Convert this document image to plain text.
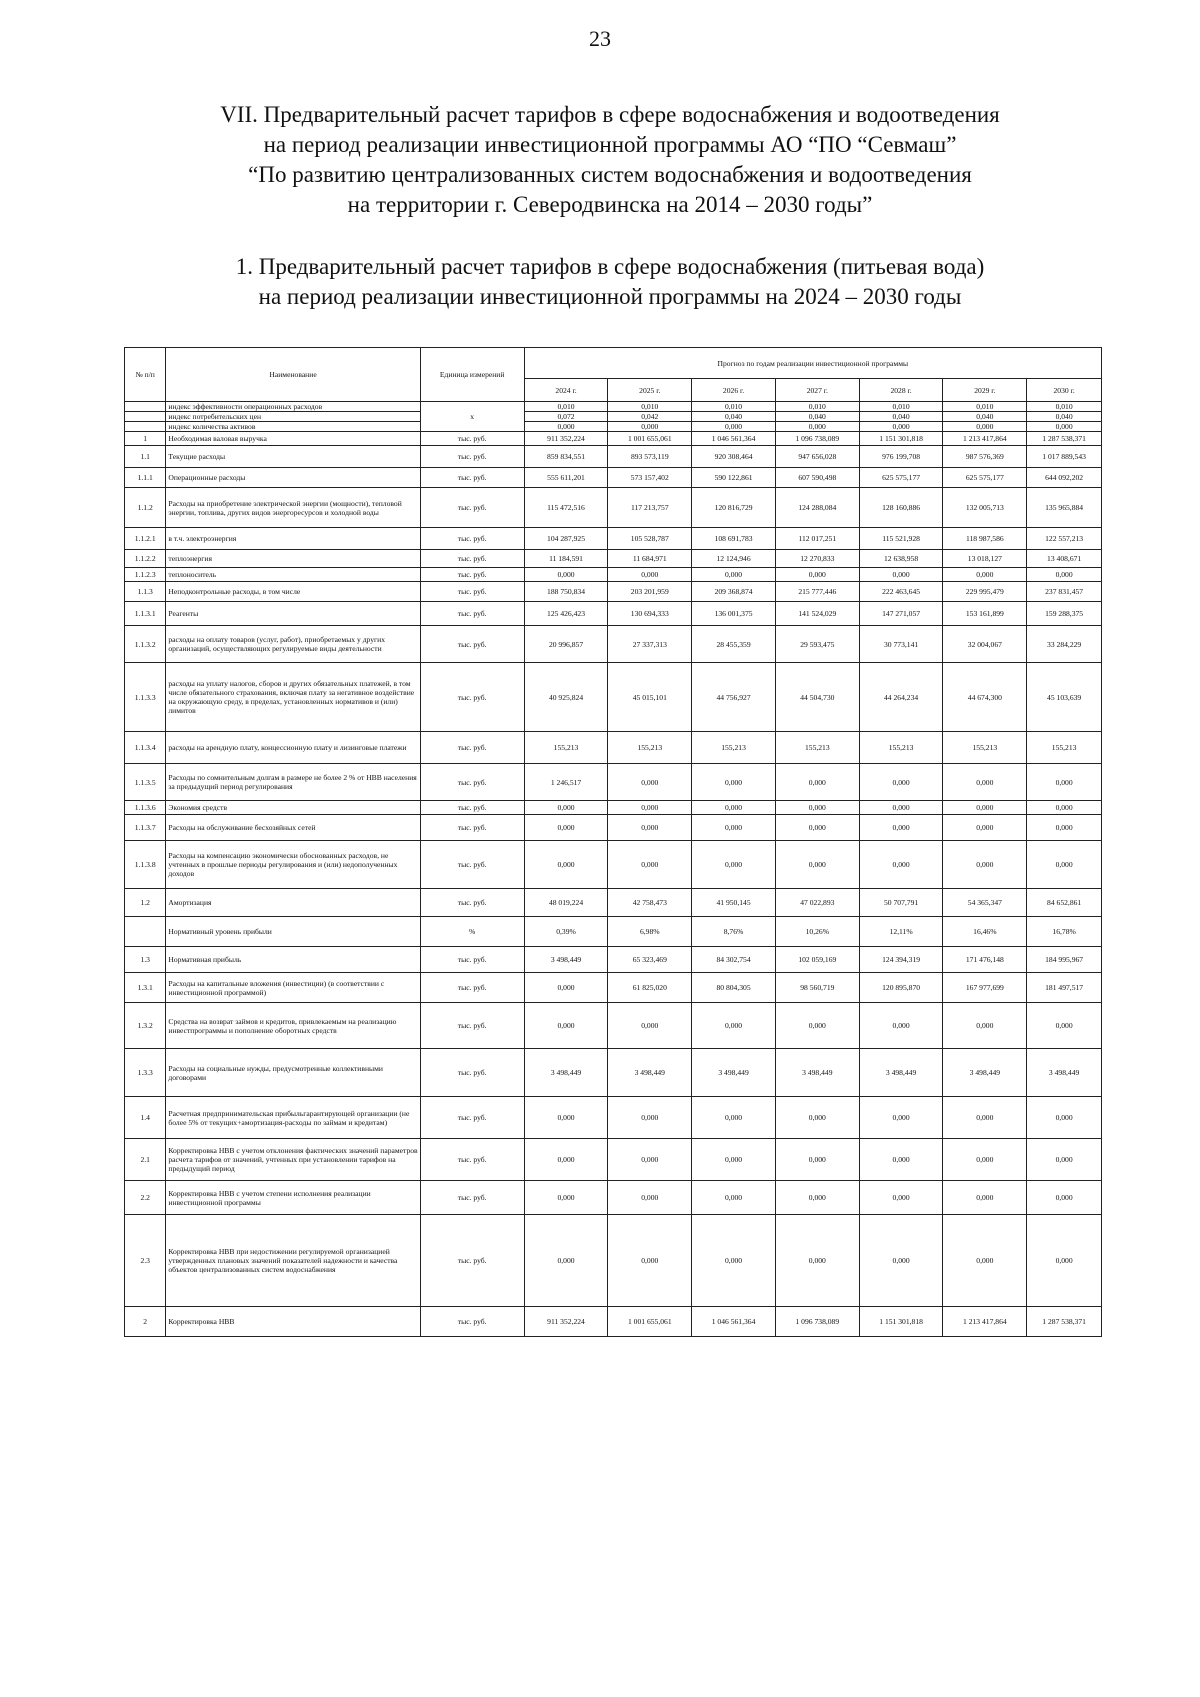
23
VII. Предварительный расчет тарифов в сфере водоснабжения и водоотведения
на период реализации инвестиционной программы АО “ПО “Севмаш”
“По развитию централизованных систем водоснабжения и водоотведения
на территории г. Северодвинска на 2014 – 2030 годы”
1. Предварительный расчет тарифов в сфере водоснабжения (питьевая вода)
на период реализации инвестиционной программы на 2024 – 2030 годы
№ п/п	Наименование	Единица измерений	Прогноз по годам реализации инвестиционной программы						
			2024 г.	2025 г.	2026 г.	2027 г.	2028 г.	2029 г.	2030 г.
	индекс эффективности операционных расходов	х	0,010	0,010	0,010	0,010	0,010	0,010	0,010
	индекс потребительских цен		0,072	0,042	0,040	0,040	0,040	0,040	0,040
	индекс количества активов		0,000	0,000	0,000	0,000	0,000	0,000	0,000
1	Необходимая валовая выручка	тыс. руб.	911 352,224	1 001 655,061	1 046 561,364	1 096 738,089	1 151 301,818	1 213 417,864	1 287 538,371
1.1	Текущие расходы	тыс. руб.	859 834,551	893 573,119	920 308,464	947 656,028	976 199,708	987 576,369	1 017 889,543
1.1.1	Операционные расходы	тыс. руб.	555 611,201	573 157,402	590 122,861	607 590,498	625 575,177	625 575,177	644 092,202
1.1.2	Расходы на приобретение электрической энергии (мощности), тепловой энергии, топлива, других видов энергоресурсов и холодной воды	тыс. руб.	115 472,516	117 213,757	120 816,729	124 288,084	128 160,886	132 005,713	135 965,884
1.1.2.1	в т.ч. электроэнергия	тыс. руб.	104 287,925	105 528,787	108 691,783	112 017,251	115 521,928	118 987,586	122 557,213
1.1.2.2	теплоэнергия	тыс. руб.	11 184,591	11 684,971	12 124,946	12 270,833	12 638,958	13 018,127	13 408,671
1.1.2.3	теплоноситель	тыс. руб.	0,000	0,000	0,000	0,000	0,000	0,000	0,000
1.1.3	Неподконтрольные расходы, в том числе	тыс. руб.	188 750,834	203 201,959	209 368,874	215 777,446	222 463,645	229 995,479	237 831,457
1.1.3.1	Реагенты	тыс. руб.	125 426,423	130 694,333	136 001,375	141 524,029	147 271,057	153 161,899	159 288,375
1.1.3.2	расходы на оплату товаров (услуг, работ), приобретаемых у других организаций, осуществляющих регулируемые виды деятельности	тыс. руб.	20 996,857	27 337,313	28 455,359	29 593,475	30 773,141	32 004,067	33 284,229
1.1.3.3	расходы на уплату налогов, сборов и других обязательных платежей, в том числе обязательного страхования, включая плату за негативное воздействие на окружающую среду, в пределах, установленных нормативов и (или) лимитов	тыс. руб.	40 925,824	45 015,101	44 756,927	44 504,730	44 264,234	44 674,300	45 103,639
1.1.3.4	расходы на арендную плату, концессионную плату и лизинговые платежи	тыс. руб.	155,213	155,213	155,213	155,213	155,213	155,213	155,213
1.1.3.5	Расходы по сомнительным долгам в размере не более 2 % от НВВ населения за предыдущий период регулирования	тыс. руб.	1 246,517	0,000	0,000	0,000	0,000	0,000	0,000
1.1.3.6	Экономия средств	тыс. руб.	0,000	0,000	0,000	0,000	0,000	0,000	0,000
1.1.3.7	Расходы на обслуживание бесхозяйных сетей	тыс. руб.	0,000	0,000	0,000	0,000	0,000	0,000	0,000
1.1.3.8	Расходы на компенсацию экономически обоснованных расходов, не учтенных в прошлые периоды регулирования и (или) недополученных доходов	тыс. руб.	0,000	0,000	0,000	0,000	0,000	0,000	0,000
1.2	Амортизация	тыс. руб.	48 019,224	42 758,473	41 950,145	47 022,893	50 707,791	54 365,347	84 652,861
	Нормативный уровень прибыли	%	0,39%	6,98%	8,76%	10,26%	12,11%	16,46%	16,78%
1.3	Нормативная прибыль	тыс. руб.	3 498,449	65 323,469	84 302,754	102 059,169	124 394,319	171 476,148	184 995,967
1.3.1	Расходы на капитальные вложения (инвестиции) (в соответствии с инвестиционной программой)	тыс. руб.	0,000	61 825,020	80 804,305	98 560,719	120 895,870	167 977,699	181 497,517
1.3.2	Средства на возврат займов и кредитов, привлекаемым на реализацию инвестпрограммы и пополнение оборотных средств	тыс. руб.	0,000	0,000	0,000	0,000	0,000	0,000	0,000
1.3.3	Расходы на социальные нужды, предусмотренные коллективными договорами	тыс. руб.	3 498,449	3 498,449	3 498,449	3 498,449	3 498,449	3 498,449	3 498,449
1.4	Расчетная предпринимательская прибыльгарантирующей организации (не более 5% от текущих+амортизация-расходы по займам и кредитам)	тыс. руб.	0,000	0,000	0,000	0,000	0,000	0,000	0,000
2.1	Корректировка НВВ с учетом отклонения фактических значений параметров расчета тарифов от значений, учтенных при установлении тарифов на предыдущий период	тыс. руб.	0,000	0,000	0,000	0,000	0,000	0,000	0,000
2.2	Корректировка НВВ с учетом степени исполнения реализации инвестиционной программы	тыс. руб.	0,000	0,000	0,000	0,000	0,000	0,000	0,000
2.3	Корректировка НВВ при недостижении регулируемой организацией утвержденных плановых значений показателей надежности и качества объектов централизованных систем водоснабжения	тыс. руб.	0,000	0,000	0,000	0,000	0,000	0,000	0,000
2	Корректировка НВВ	тыс. руб.	911 352,224	1 001 655,061	1 046 561,364	1 096 738,089	1 151 301,818	1 213 417,864	1 287 538,371
